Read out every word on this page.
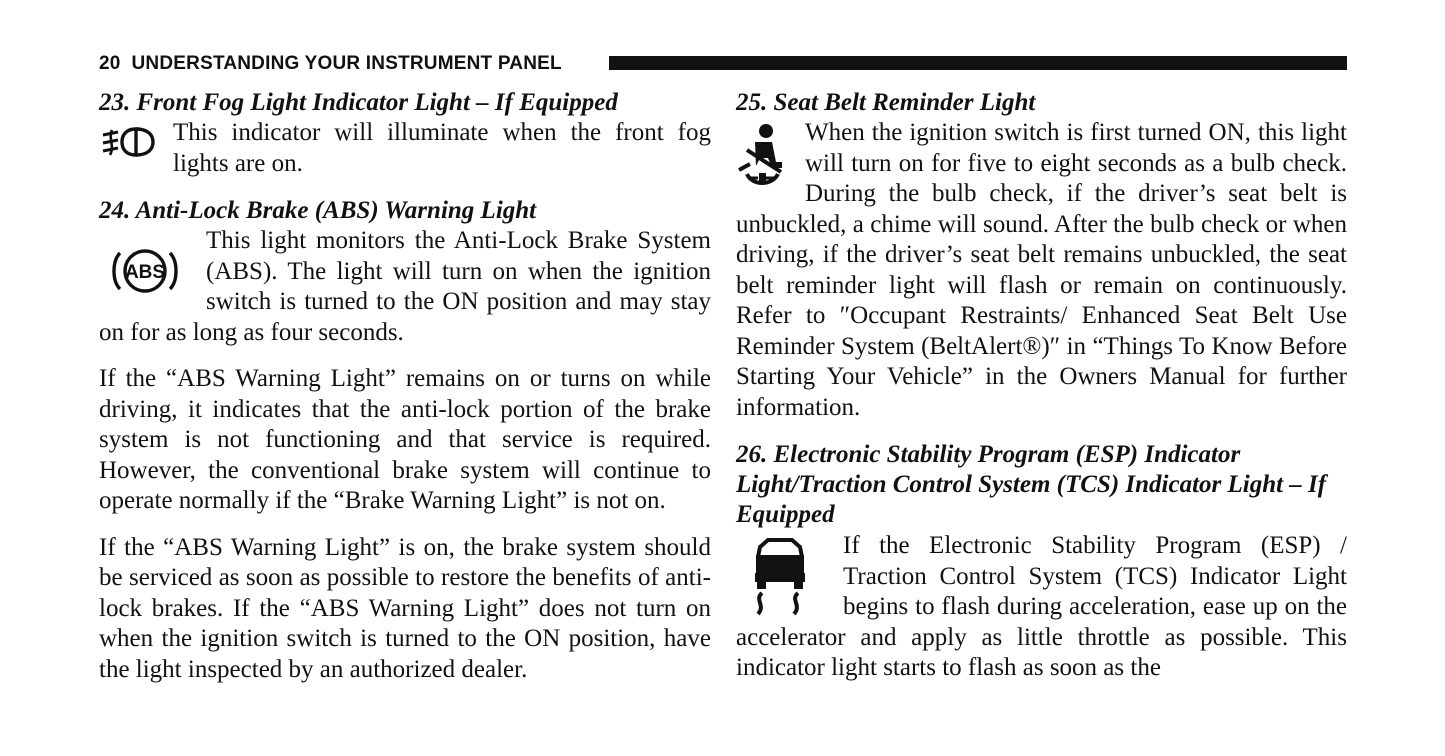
20 UNDERSTANDING YOUR INSTRUMENT PANEL
23. Front Fog Light Indicator Light – If Equipped

This indicator will illuminate when the front fog lights are on.

24. Anti-Lock Brake (ABS) Warning Light
ABS

This light monitors the Anti-Lock Brake System (ABS). The light will turn on when the ignition switch is turned to the ON position and may stay on for as long as four seconds.

If the “ABS Warning Light” remains on or turns on while driving, it indicates that the anti-lock portion of the brake system is not functioning and that service is required. However, the conventional brake system will continue to operate normally if the “Brake Warning Light” is not on.

If the “ABS Warning Light” is on, the brake system should be serviced as soon as possible to restore the benefits of anti-lock brakes. If the “ABS Warning Light” does not turn on when the ignition switch is turned to the ON position, have the light inspected by an authorized dealer.

25. Seat Belt Reminder Light

When the ignition switch is first turned ON, this light will turn on for five to eight seconds as a bulb check. During the bulb check, if the driver’s seat belt is unbuckled, a chime will sound. After the bulb check or when driving, if the driver’s seat belt remains unbuckled, the seat belt reminder light will flash or remain on continuously. Refer to ″Occupant Restraints/ Enhanced Seat Belt Use Reminder System (BeltAlert®)″ in “Things To Know Before Starting Your Vehicle” in the Owners Manual for further information.

26. Electronic Stability Program (ESP) Indicator Light/Traction Control System (TCS) Indicator Light – If Equipped

If the Electronic Stability Program (ESP) / Traction Control System (TCS) Indicator Light begins to flash during acceleration, ease up on the accelerator and apply as little throttle as possible. This indicator light starts to flash as soon as the
